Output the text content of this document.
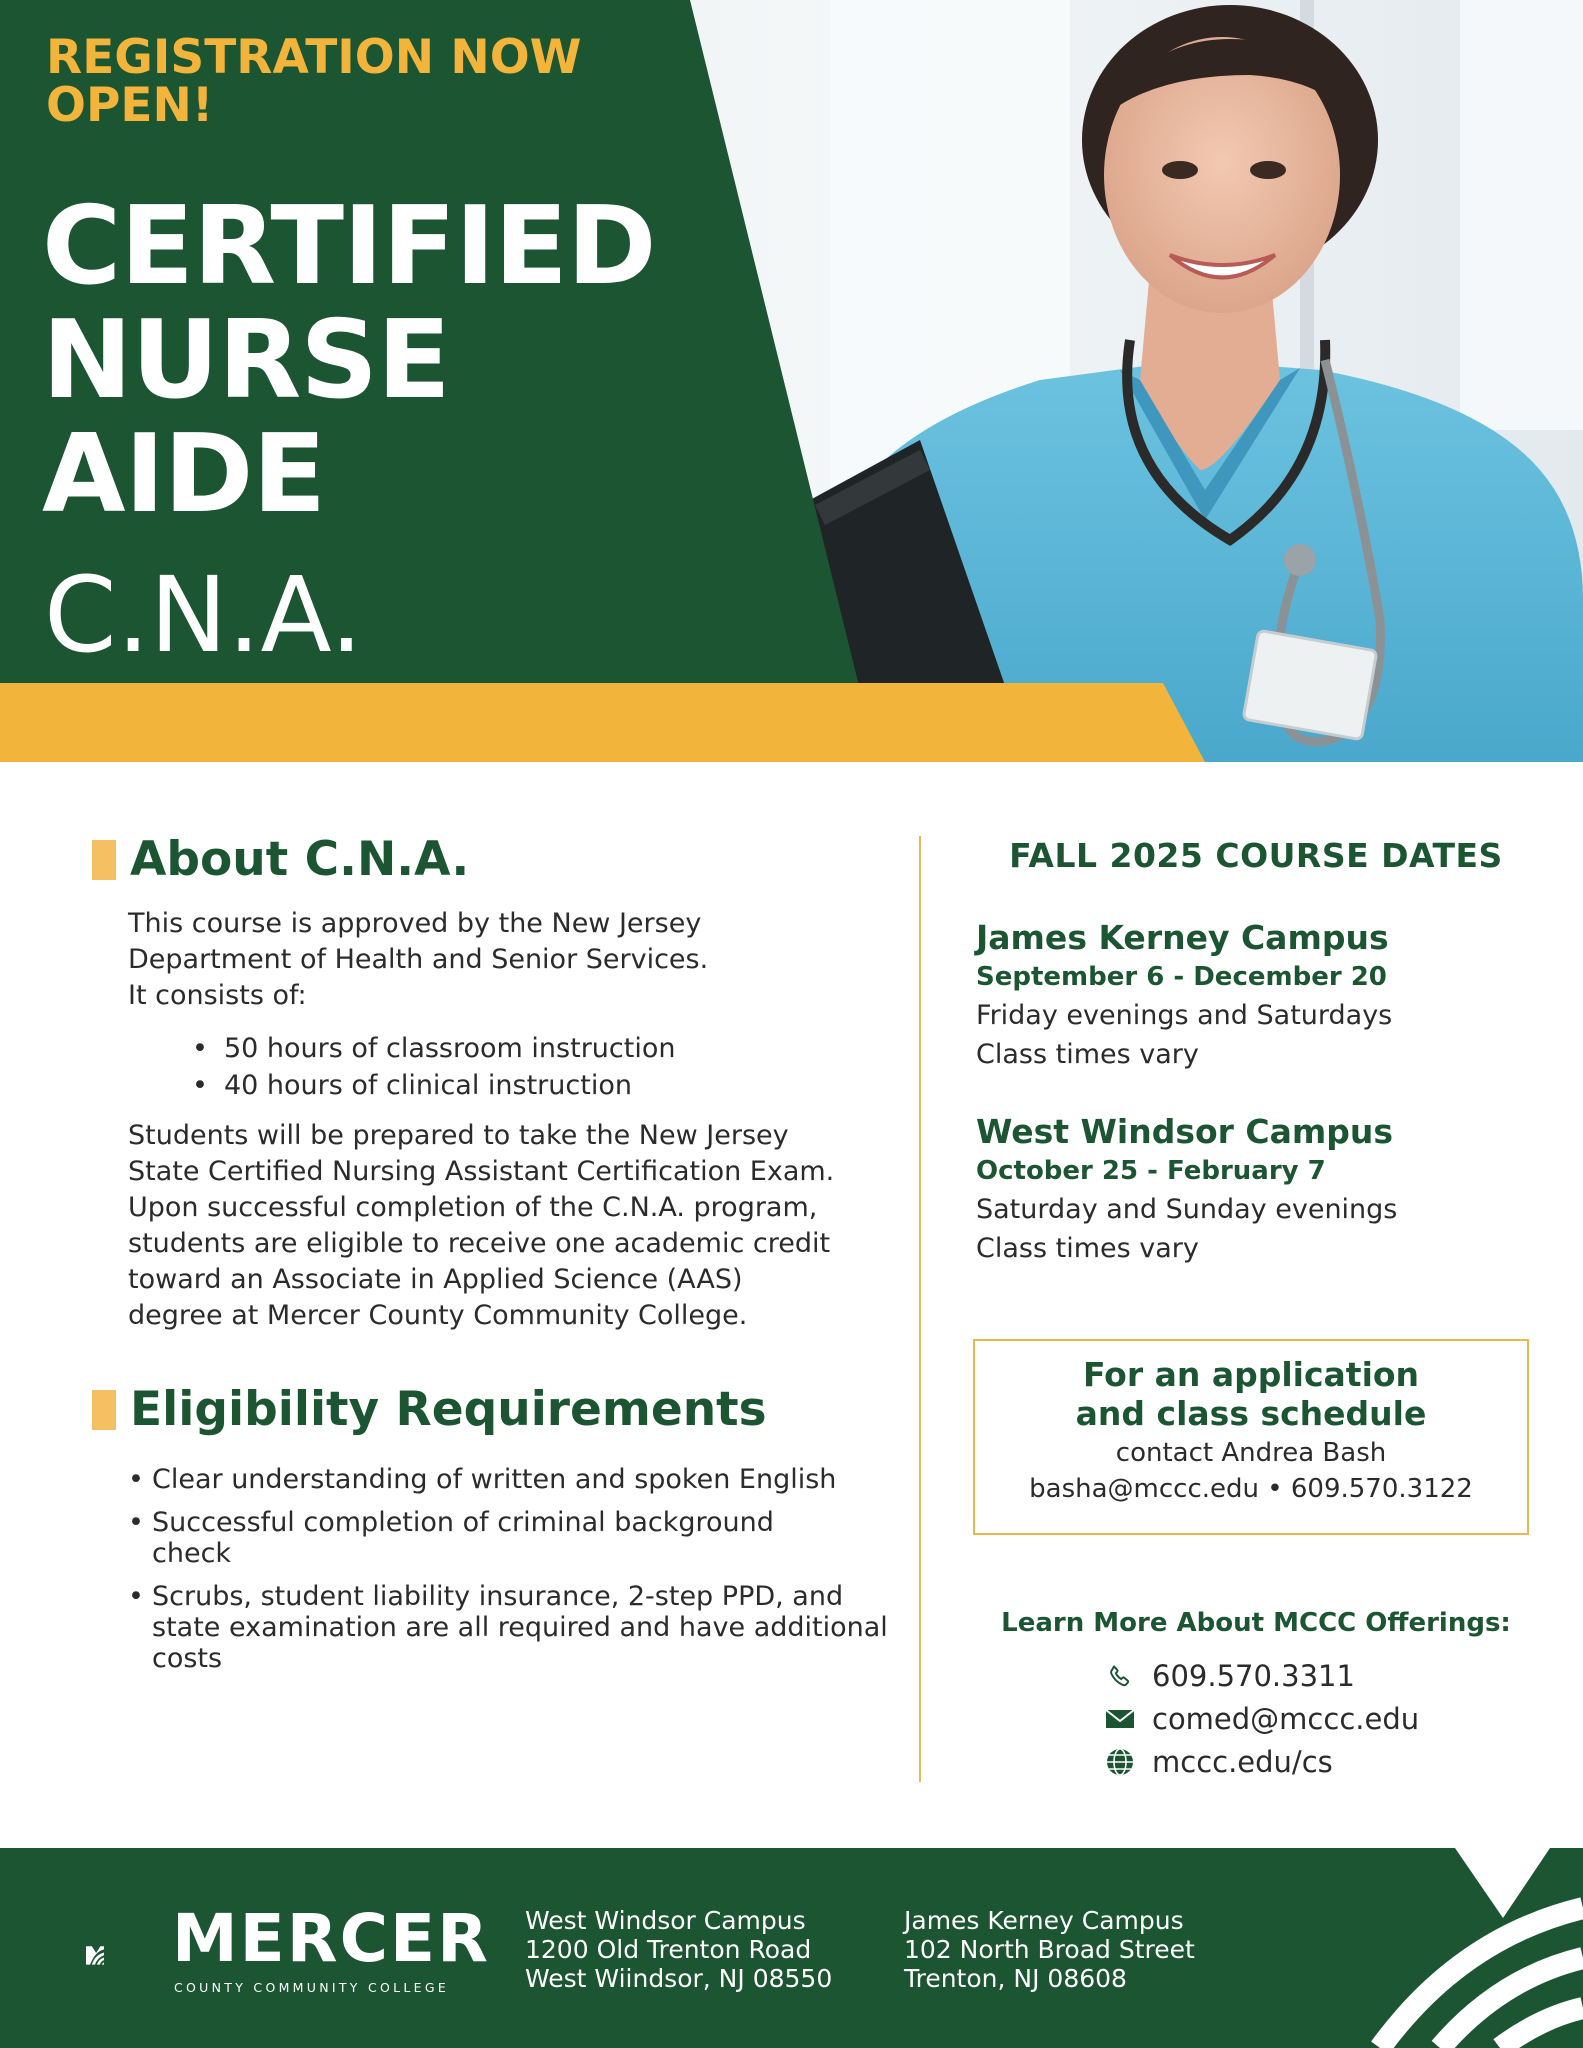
REGISTRATION NOW OPEN!
CERTIFIED
NURSE
AIDE
C.N.A.
About C.N.A.
This course is approved by the New Jersey
Department of Health and Senior Services.
It consists of:
• 50 hours of classroom instruction
• 40 hours of clinical instruction
Students will be prepared to take the New Jersey
State Certified Nursing Assistant Certification Exam.
Upon successful completion of the C.N.A. program,
students are eligible to receive one academic credit
toward an Associate in Applied Science (AAS)
degree at Mercer County Community College.
Eligibility Requirements
• Clear understanding of written and spoken English
• Successful completion of criminal background check
• Scrubs, student liability insurance, 2-step PPD, and state examination are all required and have additional costs
FALL 2025 COURSE DATES
James Kerney Campus
September 6 - December 20
Friday evenings and Saturdays
Class times vary
West Windsor Campus
October 25 - February 7
Saturday and Sunday evenings
Class times vary
For an application
and class schedule
contact Andrea Bash
basha@mccc.edu • 609.570.3122
Learn More About MCCC Offerings:
609.570.3311
comed@mccc.edu
mccc.edu/cs
MERCER
COUNTY COMMUNITY COLLEGE
West Windsor Campus
1200 Old Trenton Road
West Wiindsor, NJ 08550
James Kerney Campus
102 North Broad Street
Trenton, NJ 08608
